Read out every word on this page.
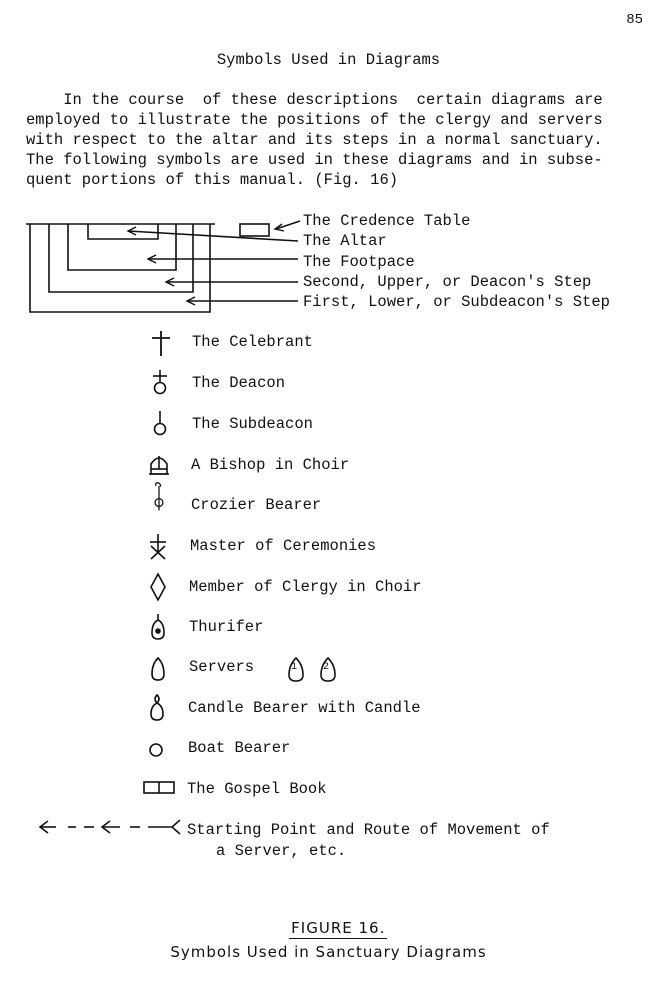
85
Symbols Used in Diagrams
In the course  of these descriptions  certain diagrams are
employed to illustrate the positions of the clergy and servers
with respect to the altar and its steps in a normal sanctuary.
The following symbols are used in these diagrams and in subse-
quent portions of this manual. (Fig. 16)
The Credence Table
The Altar
The Footpace
Second, Upper, or Deacon's Step
First, Lower, or Subdeacon's Step
The Celebrant
The Deacon
The Subdeacon
A Bishop in Choir
Crozier Bearer
Master of Ceremonies
Member of Clergy in Choir
Thurifer
Servers	1	2
Candle Bearer with Candle
Boat Bearer
The Gospel Book
Starting Point and Route of Movement of
a Server, etc.

FIGURE 16.

Symbols Used in Sanctuary Diagrams
